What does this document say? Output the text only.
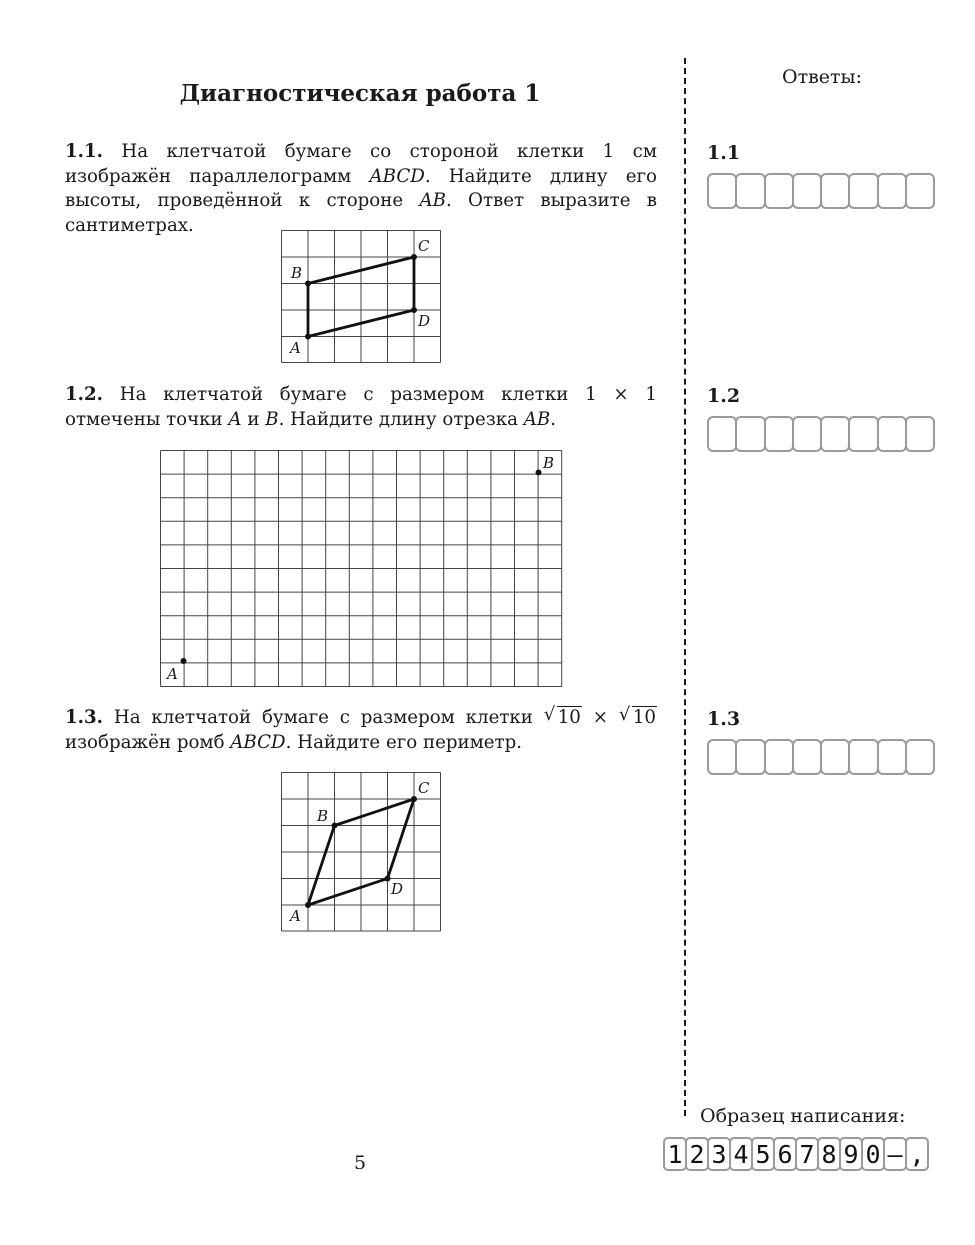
Диагностическая работа 1
1.1. На клетчатой бумаге со стороной клетки 1 см изображён параллелограмм ABCD. Найдите длину его высоты, проведённой к стороне AB. Ответ выразите в сантиметрах.
A
B
C
D
1.2. На клетчатой бумаге с размером клетки 1 × 1 отмечены точки A и B. Найдите длину отрезка AB.
A
B
1.3. На клетчатой бумаге с размером клетки √ 10 × √ 10 изображён ромб ABCD. Найдите его периметр.
A
B
C
D
5
Ответы:
1.1
1.2
1.3
Образец написания:
1 2 3 4 5 6 7 8 9 0 – ,
